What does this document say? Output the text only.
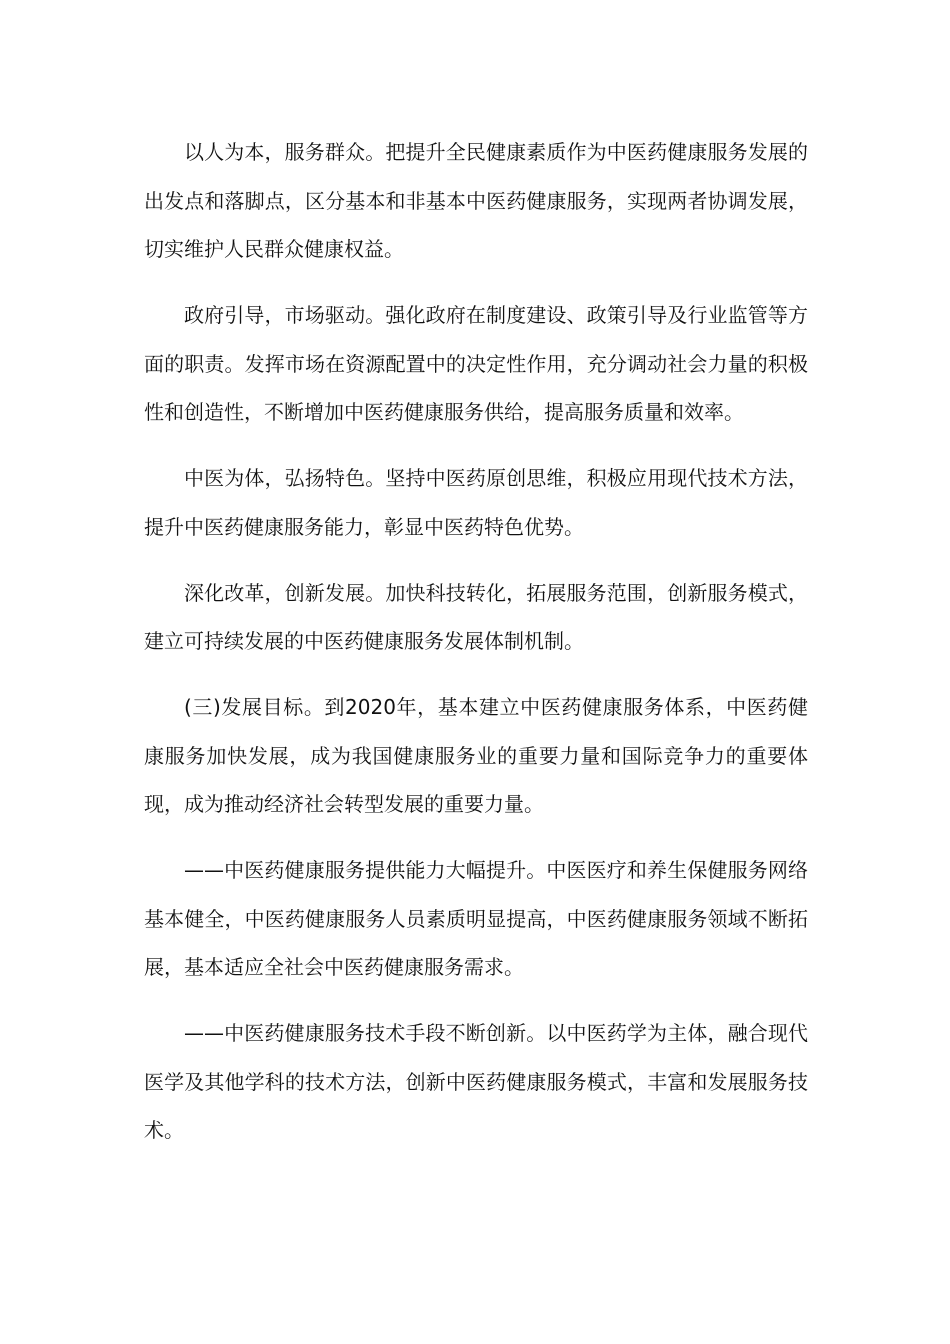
以人为本，服务群众。把提升全民健康素质作为中医药健康服务发展的出发点和落脚点，区分基本和非基本中医药健康服务，实现两者协调发展，切实维护人民群众健康权益。

政府引导，市场驱动。强化政府在制度建设、政策引导及行业监管等方面的职责。发挥市场在资源配置中的决定性作用，充分调动社会力量的积极性和创造性，不断增加中医药健康服务供给，提高服务质量和效率。

中医为体，弘扬特色。坚持中医药原创思维，积极应用现代技术方法，提升中医药健康服务能力，彰显中医药特色优势。

深化改革，创新发展。加快科技转化，拓展服务范围，创新服务模式，建立可持续发展的中医药健康服务发展体制机制。

(三)发展目标。到2020年，基本建立中医药健康服务体系，中医药健康服务加快发展，成为我国健康服务业的重要力量和国际竞争力的重要体现，成为推动经济社会转型发展的重要力量。

——中医药健康服务提供能力大幅提升。中医医疗和养生保健服务网络基本健全，中医药健康服务人员素质明显提高，中医药健康服务领域不断拓展，基本适应全社会中医药健康服务需求。

——中医药健康服务技术手段不断创新。以中医药学为主体，融合现代医学及其他学科的技术方法，创新中医药健康服务模式，丰富和发展服务技术。
